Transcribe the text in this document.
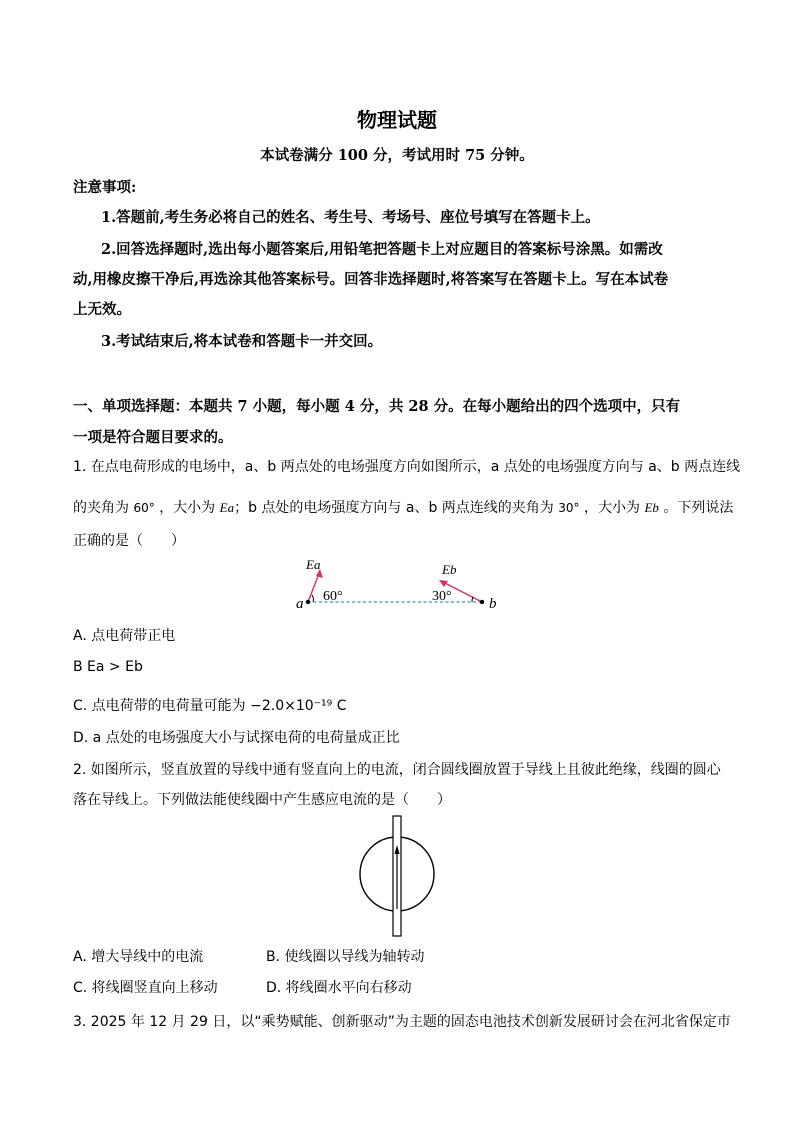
物理试题
本试卷满分 100 分，考试用时 75 分钟。
注意事项:
1.答题前,考生务必将自己的姓名、考生号、考场号、座位号填写在答题卡上。
2.回答选择题时,选出每小题答案后,用铅笔把答题卡上对应题目的答案标号涂黑。如需改
动,用橡皮擦干净后,再选涂其他答案标号。回答非选择题时,将答案写在答题卡上。写在本试卷
上无效。
3.考试结束后,将本试卷和答题卡一并交回。
一、单项选择题：本题共 7 小题，每小题 4 分，共 28 分。在每小题给出的四个选项中，只有
一项是符合题目要求的。
1. 在点电荷形成的电场中，a、b 两点处的电场强度方向如图所示，a 点处的电场强度方向与 a、b 两点连线
的夹角为 60° ，大小为 Ea；b 点处的电场强度方向与 a、b 两点连线的夹角为 30° ，大小为 Eb 。下列说法
正确的是（　　）
a	b
60°	30°
Ea	Eb
A. 点电荷带正电
B Ea > Eb
C. 点电荷带的电荷量可能为 −2.0×10⁻¹⁹ C
D. a 点处的电场强度大小与试探电荷的电荷量成正比
2. 如图所示，竖直放置的导线中通有竖直向上的电流，闭合圆线圈放置于导线上且彼此绝缘，线圈的圆心
落在导线上。下列做法能使线圈中产生感应电流的是（　　）
A. 增大导线中的电流	B. 使线圈以导线为轴转动
C. 将线圈竖直向上移动	D. 将线圈水平向右移动
3. 2025 年 12 月 29 日，以“乘势赋能、创新驱动”为主题的固态电池技术创新发展研讨会在河北省保定市
